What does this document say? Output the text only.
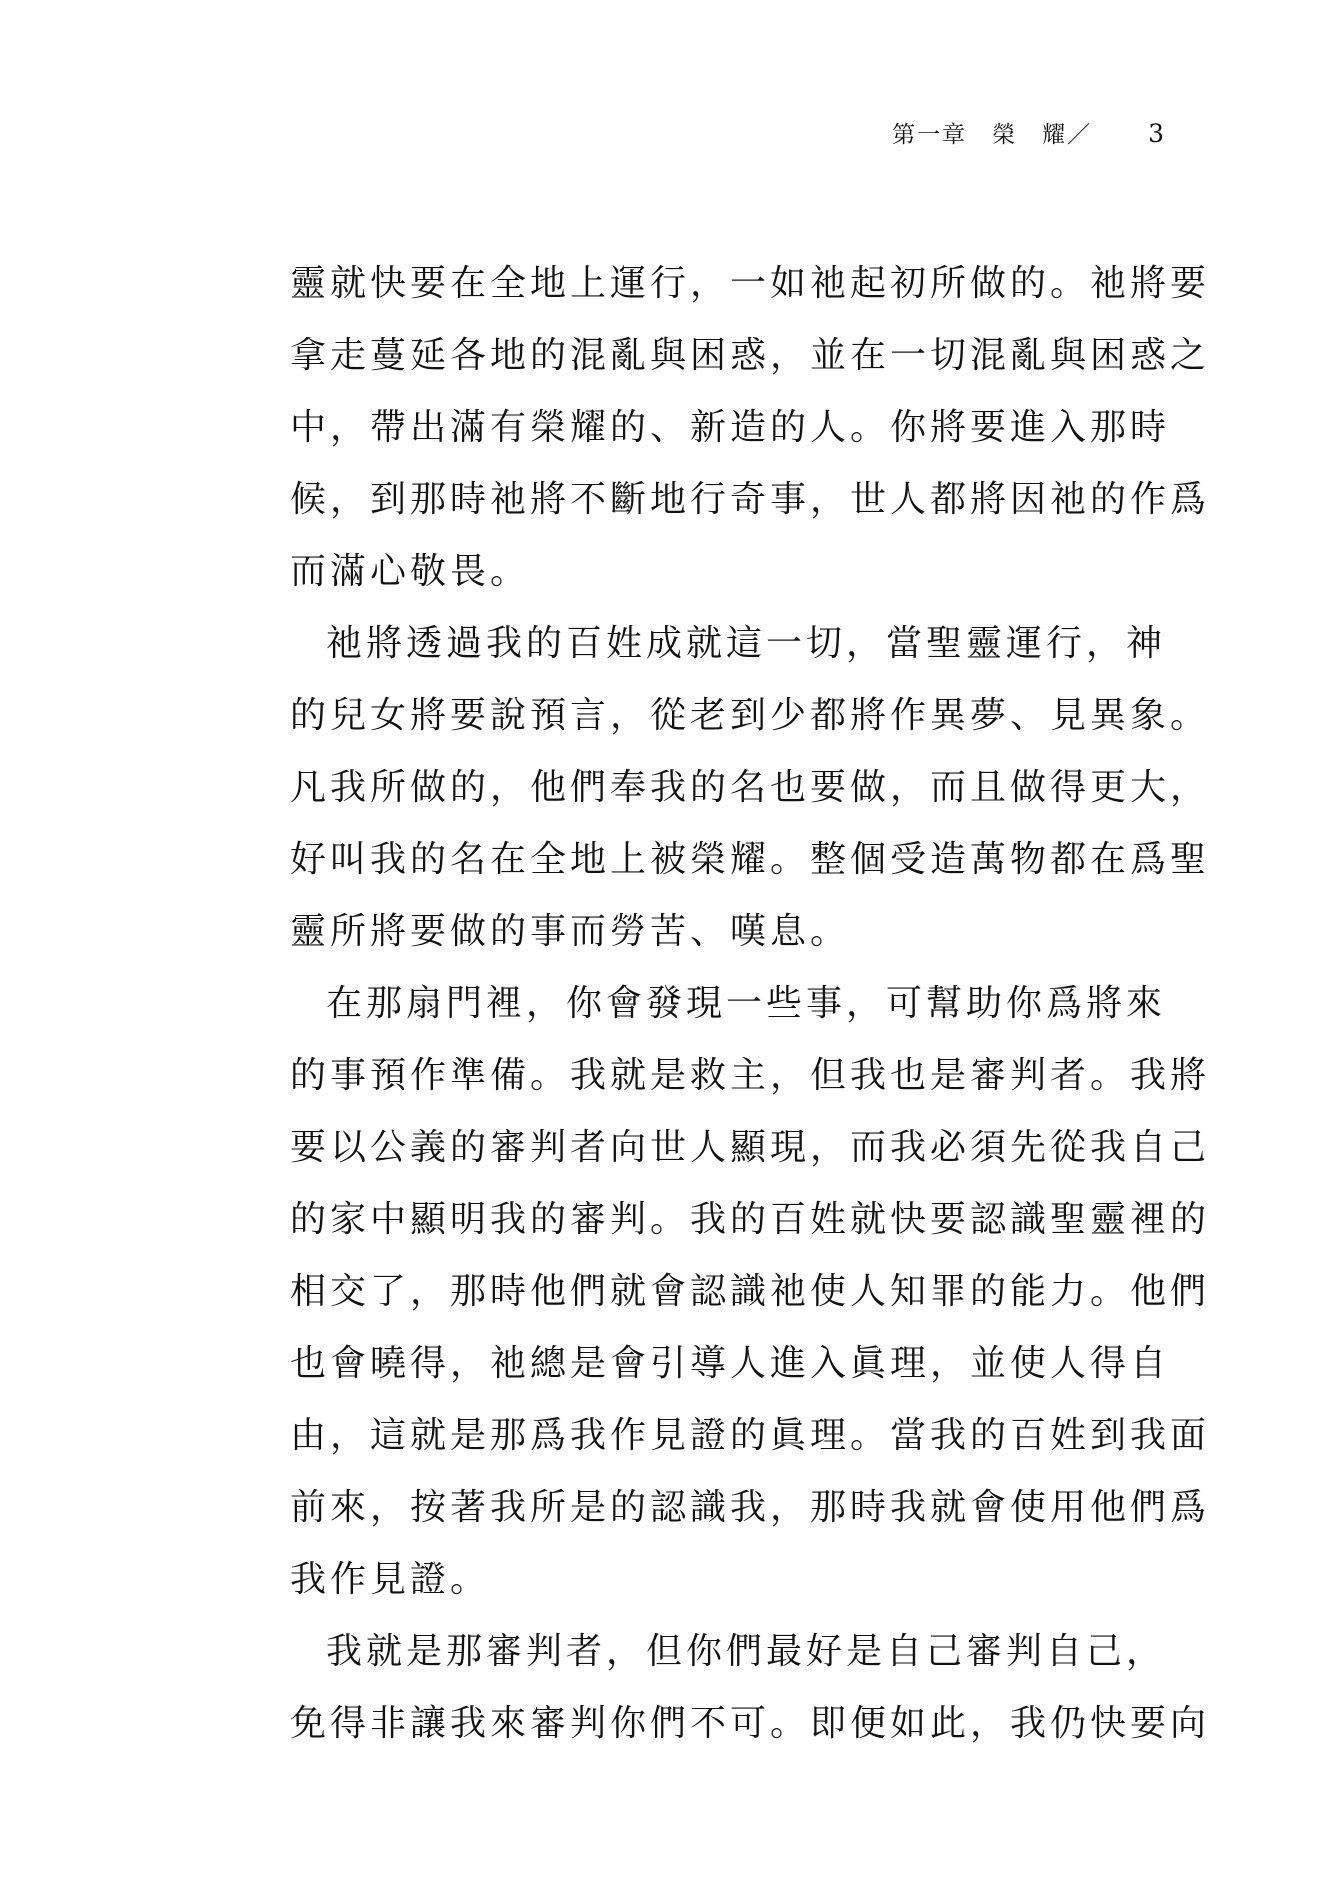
第一章　榮　耀／ 3
靈就快要在全地上運行，一如祂起初所做的。祂將要
拿走蔓延各地的混亂與困惑，並在一切混亂與困惑之
中，帶出滿有榮耀的、新造的人。你將要進入那時
候，到那時祂將不斷地行奇事，世人都將因祂的作爲
而滿心敬畏。
祂將透過我的百姓成就這一切，當聖靈運行，神
的兒女將要說預言，從老到少都將作異夢、見異象。
凡我所做的，他們奉我的名也要做，而且做得更大，
好叫我的名在全地上被榮耀。整個受造萬物都在爲聖
靈所將要做的事而勞苦、嘆息。
在那扇門裡，你會發現一些事，可幫助你爲將來
的事預作準備。我就是救主，但我也是審判者。我將
要以公義的審判者向世人顯現，而我必須先從我自己
的家中顯明我的審判。我的百姓就快要認識聖靈裡的
相交了，那時他們就會認識祂使人知罪的能力。他們
也會曉得，祂總是會引導人進入眞理，並使人得自
由，這就是那爲我作見證的眞理。當我的百姓到我面
前來，按著我所是的認識我，那時我就會使用他們爲
我作見證。
我就是那審判者，但你們最好是自己審判自己，
免得非讓我來審判你們不可。即便如此，我仍快要向
